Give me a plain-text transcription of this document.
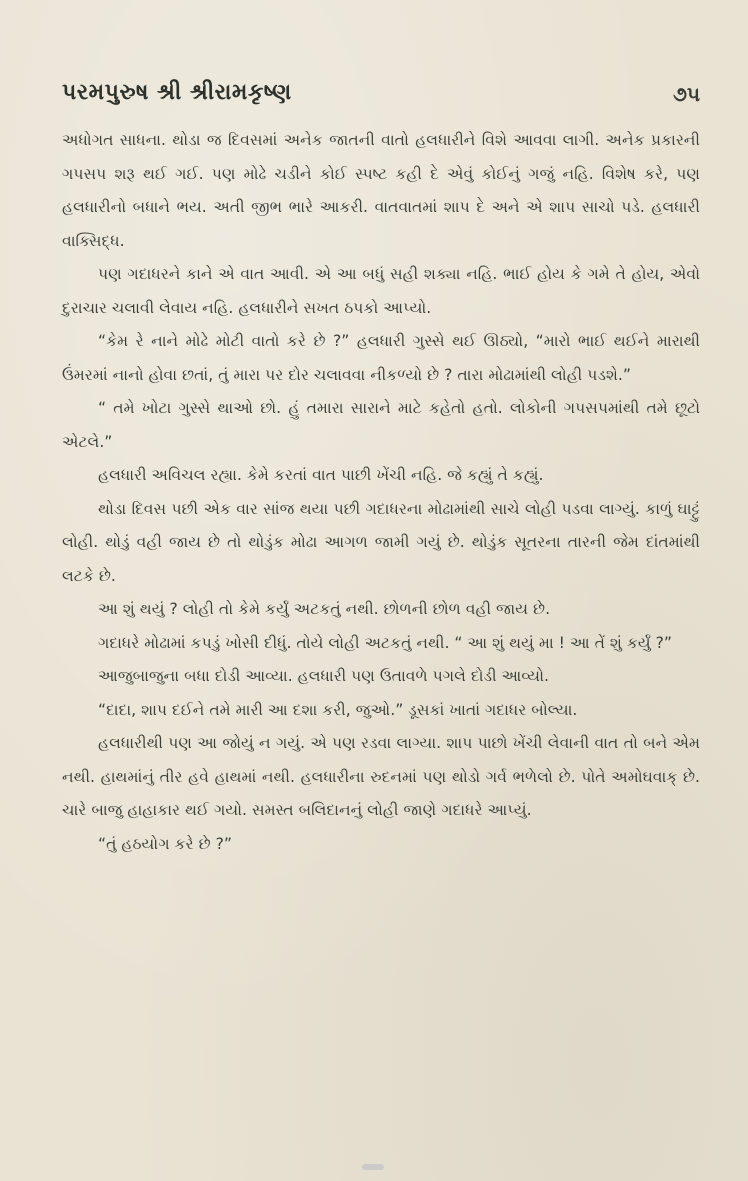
પરમપુરુષ શ્રી શ્રીરામકૃષ્ણ	૭૫

અધોગત સાધના. થોડા જ દિવસમાં અનેક જાતની વાતો હલધારીને વિશે આવવા લાગી. અનેક પ્રકારની ગપસપ શરૂ થઈ ગઈ. પણ મોઢે ચડીને કોઈ સ્પષ્ટ કહી દે એવું કોઈનું ગજું નહિ. વિશેષ કરે, પણ હલધારીનો બધાને ભય. અતી જીભ ભારે આકરી. વાતવાતમાં શાપ દે અને એ શાપ સાચો પડે. હલધારી વાક્સિદ્ધ.

પણ ગદાધરને કાને એ વાત આવી. એ આ બધું સહી શક્યા નહિ. ભાઈ હોય કે ગમે તે હોય, એવો દુરાચાર ચલાવી લેવાય નહિ. હલધારીને સખત ઠપકો આપ્યો.

“કેમ રે નાને મોઢે મોટી વાતો કરે છે ?” હલધારી ગુસ્સે થઈ ઊઠ્યો, “મારો ભાઈ થઈને મારાથી ઉંમરમાં નાનો હોવા છતાં, તું મારા પર દોર ચલાવવા નીકળ્યો છે ? તારા મોઢામાંથી લોહી પડશે.”

“ તમે ખોટા ગુસ્સે થાઓ છો. હું તમારા સારાને માટે કહેતો હતો. લોકોની ગપસપમાંથી તમે છૂટો એટલે.”

હલધારી અવિચલ રહ્યા. કેમે કરતાં વાત પાછી ખેંચી નહિ. જે કહ્યું તે કહ્યું.

થોડા દિવસ પછી એક વાર સાંજ થયા પછી ગદાધરના મોઢામાંથી સાચે લોહી પડવા લાગ્યું. કાળું ઘાટ્ટું લોહી. થોડું વહી જાય છે તો થોડુંક મોઢા આગળ જામી ગયું છે. થોડુંક સૂતરના તારની જેમ દાંતમાંથી લટકે છે.

આ શું થયું ? લોહી તો કેમે કર્યું અટકતું નથી. છોળની છોળ વહી જાય છે.

ગદાધરે મોઢામાં કપડું ખોસી દીધું. તોયે લોહી અટકતું નથી. “ આ શું થયું મા ! આ તેં શું કર્યું ?”

આજુબાજુના બધા દોડી આવ્યા. હલધારી પણ ઉતાવળે પગલે દોડી આવ્યો.

“દાદા, શાપ દઈને તમે મારી આ દશા કરી, જુઓ.” ડૂસકાં ખાતાં ગદાધર બોલ્યા.

હલધારીથી પણ આ જોયું ન ગયું. એ પણ રડવા લાગ્યા. શાપ પાછો ખેંચી લેવાની વાત તો બને એમ નથી. હાથમાંનું તીર હવે હાથમાં નથી. હલધારીના રુદનમાં પણ થોડો ગર્વ ભળેલો છે. પોતે અમોઘવાક્ છે. ચારે બાજુ હાહાકાર થઈ ગયો. સમસ્ત બલિદાનનું લોહી જાણે ગદાધરે આપ્યું.

“તું હઠયોગ કરે છે ?”
